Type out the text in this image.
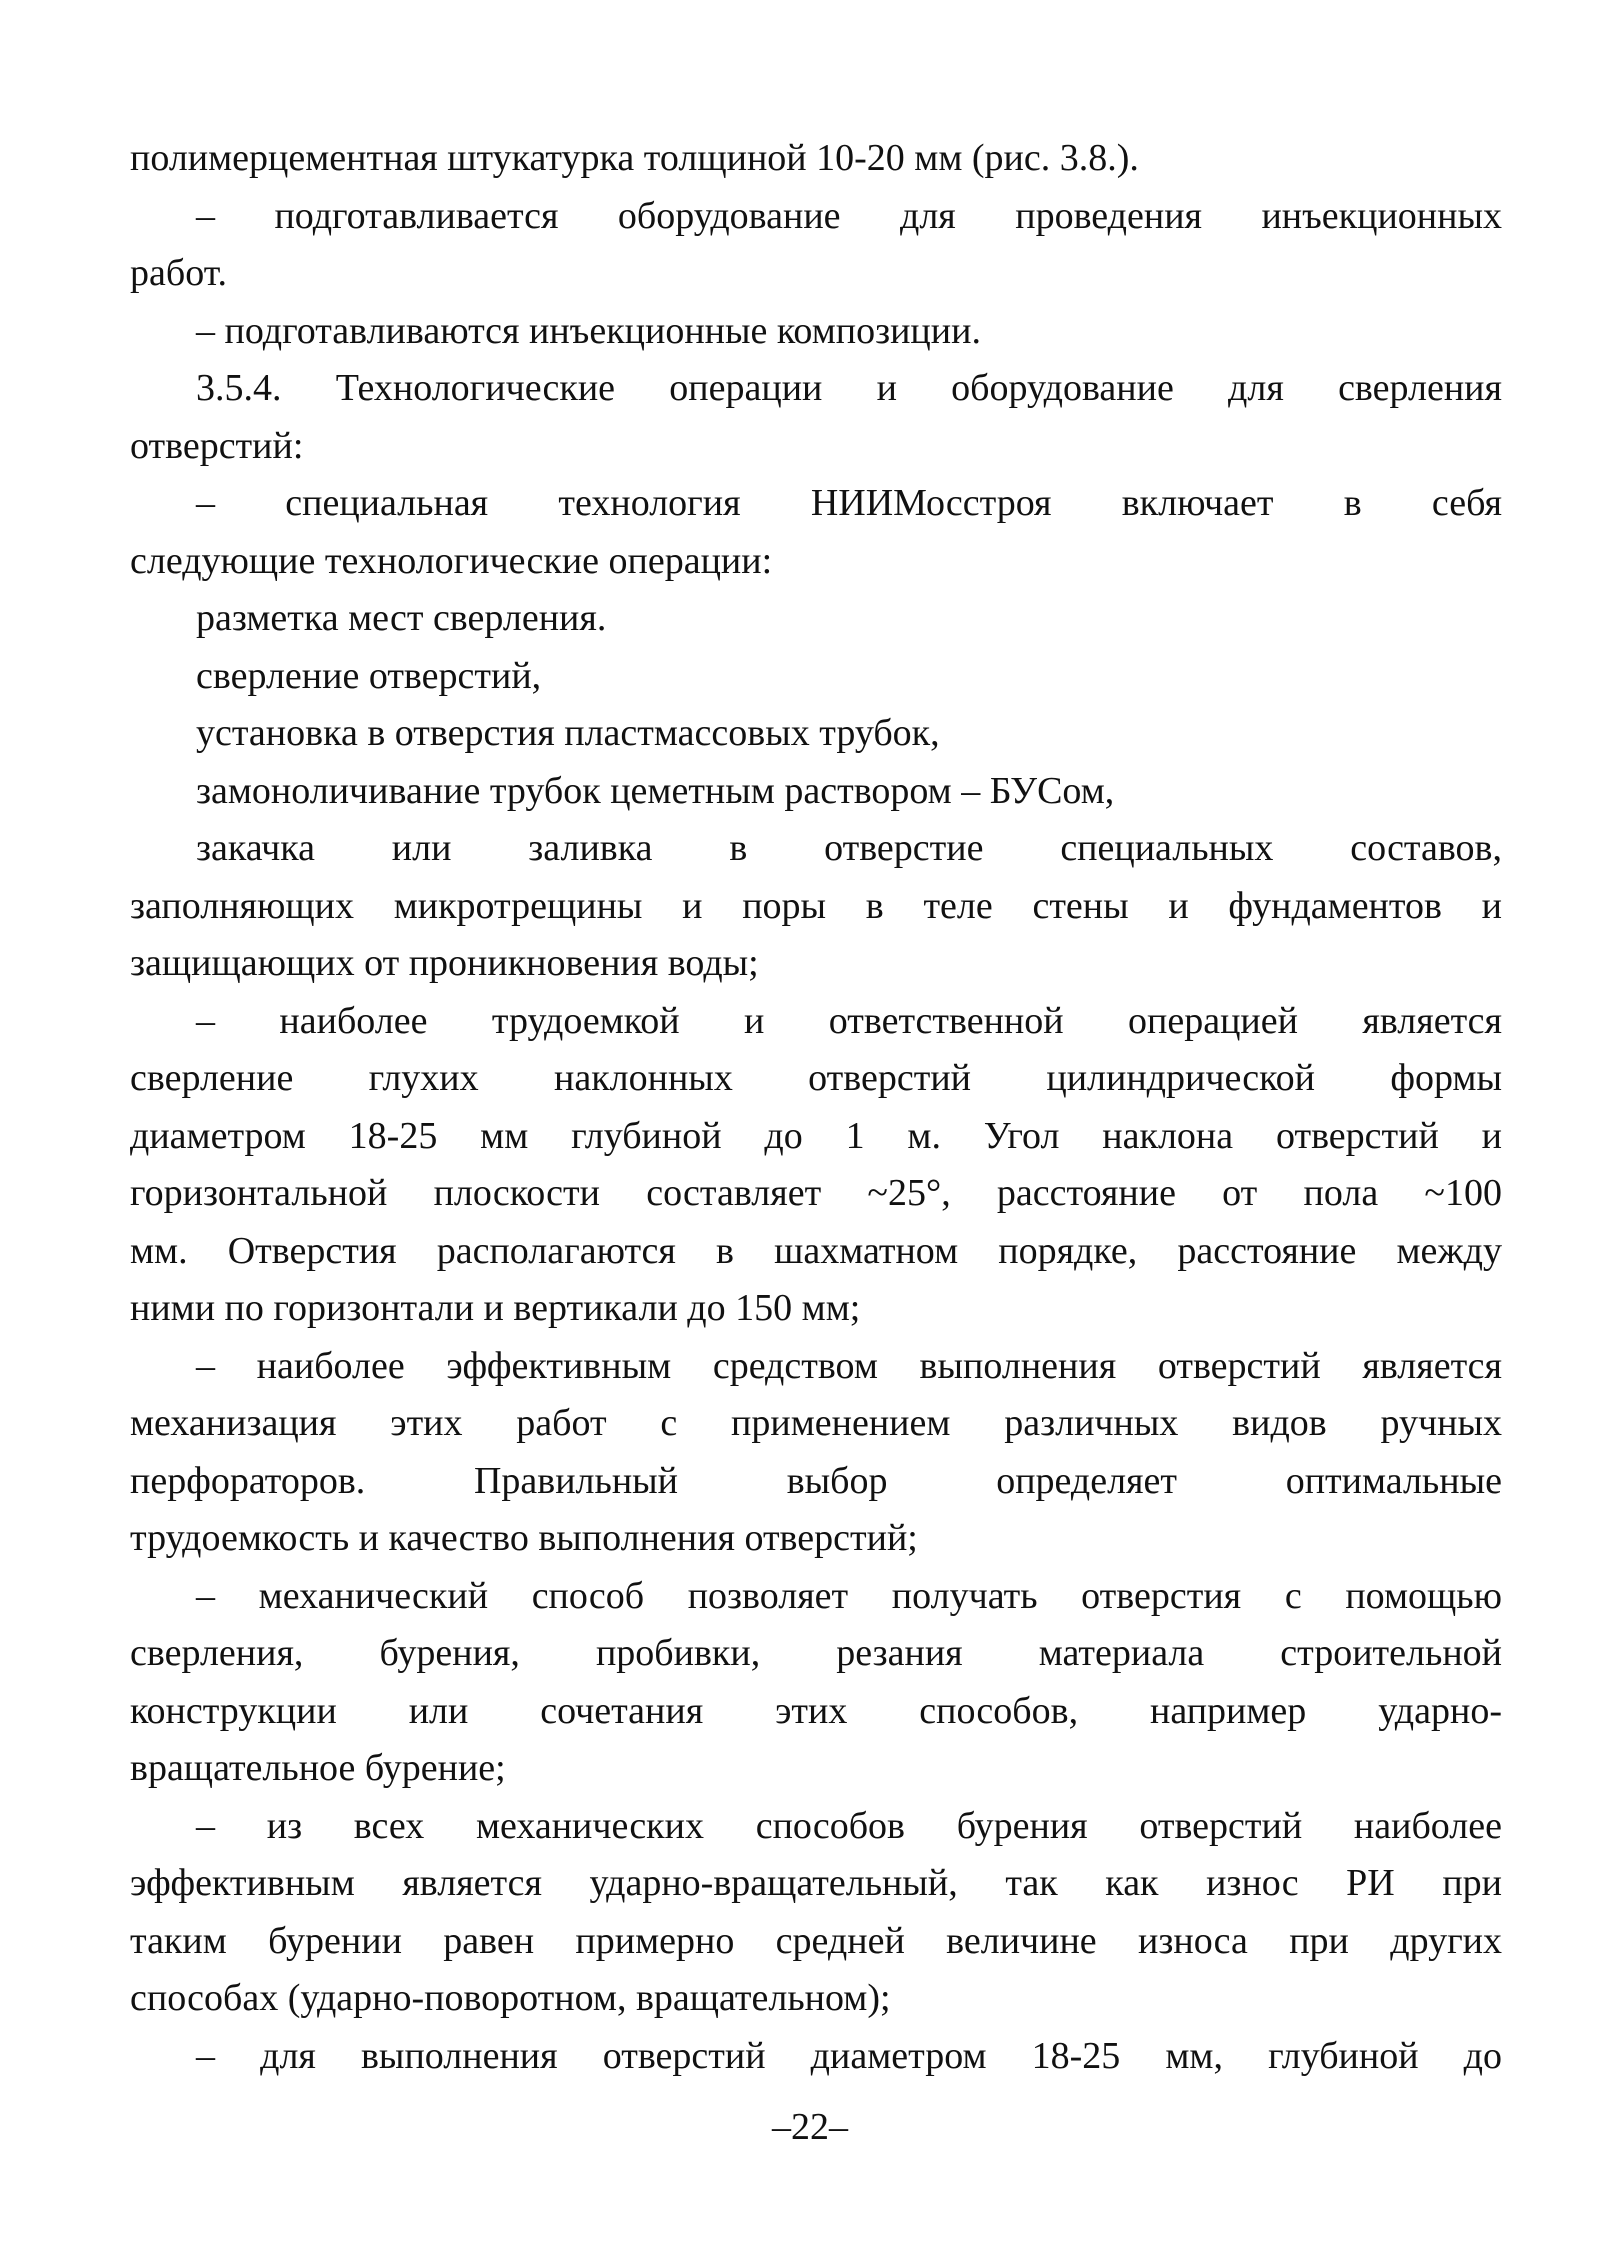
полимерцементная штукатурка толщиной 10-20 мм (рис. 3.8.).

– подготавливается оборудование для проведения инъекционных

работ.

– подготавливаются инъекционные композиции.

3.5.4. Технологические операции и оборудование для сверления

отверстий:

– специальная технология НИИМосстроя включает в себя

следующие технологические операции:

разметка мест сверления.

сверление отверстий,

установка в отверстия пластмассовых трубок,

замоноличивание трубок цеметным раствором – БУСом,

закачка или заливка в отверстие специальных составов,

заполняющих микротрещины и поры в теле стены и фундаментов и

защищающих от проникновения воды;

– наиболее трудоемкой и ответственной операцией является

сверление глухих наклонных отверстий цилиндрической формы

диаметром 18-25 мм глубиной до 1 м. Угол наклона отверстий и

горизонтальной плоскости составляет ~25°, расстояние от пола ~100

мм. Отверстия располагаются в шахматном порядке, расстояние между

ними по горизонтали и вертикали до 150 мм;

– наиболее эффективным средством выполнения отверстий является

механизация этих работ с применением различных видов ручных

перфораторов. Правильный выбор определяет оптимальные

трудоемкость и качество выполнения отверстий;

– механический способ позволяет получать отверстия с помощью

сверления, бурения, пробивки, резания материала строительной

конструкции или сочетания этих способов, например ударно-

вращательное бурение;

– из всех механических способов бурения отверстий наиболее

эффективным является ударно-вращательный, так как износ РИ при

таким бурении равен примерно средней величине износа при других

способах (ударно-поворотном, вращательном);

– для выполнения отверстий диаметром 18-25 мм, глубиной до

–22–
